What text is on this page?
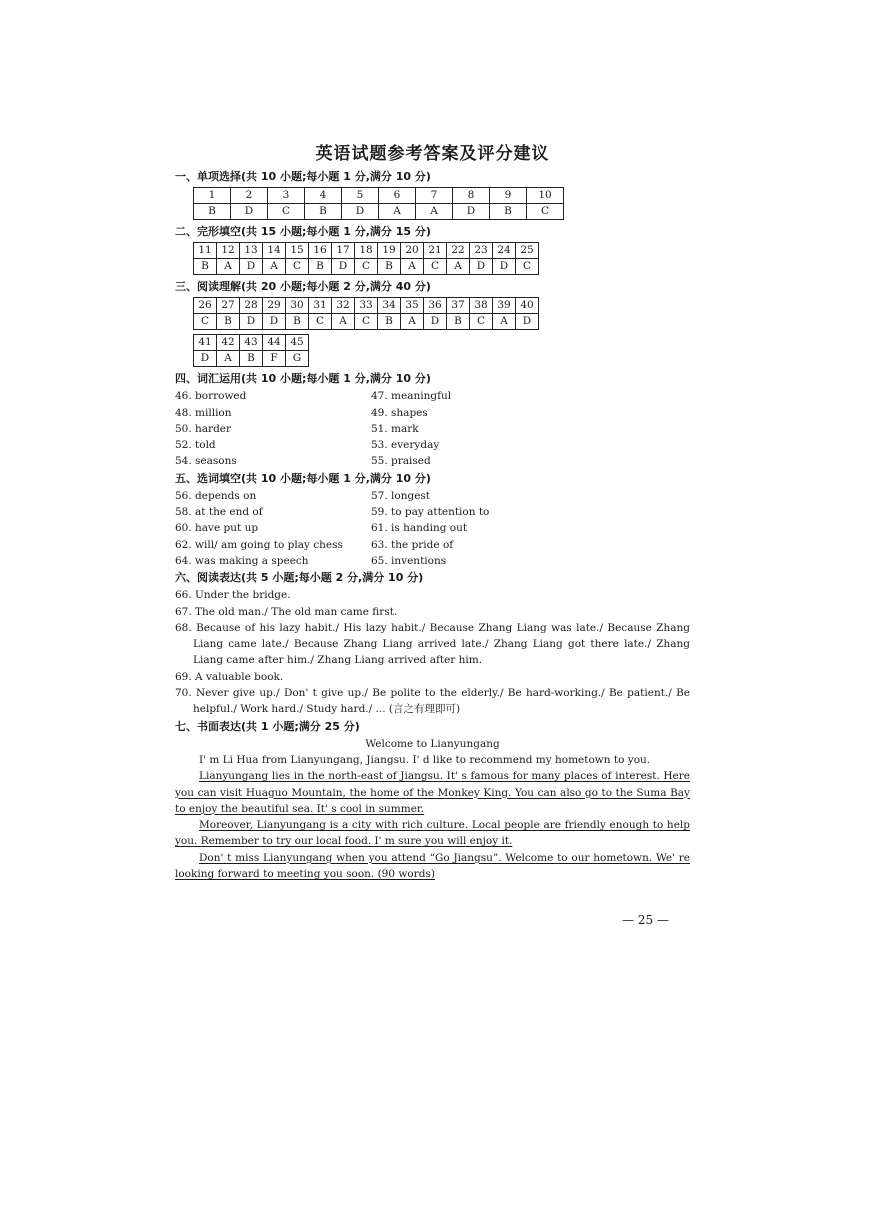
英语试题参考答案及评分建议
一、单项选择(共 10 小题;每小题 1 分,满分 10 分)
1	2	3	4	5	6	7	8	9	10
B	D	C	B	D	A	A	D	B	C
二、完形填空(共 15 小题;每小题 1 分,满分 15 分)
11	12	13	14	15	16	17	18	19	20	21	22	23	24	25
B	A	D	A	C	B	D	C	B	A	C	A	D	D	C
三、阅读理解(共 20 小题;每小题 2 分,满分 40 分)
26	27	28	29	30	31	32	33	34	35	36	37	38	39	40
C	B	D	D	B	C	A	C	B	A	D	B	C	A	D
41	42	43	44	45
D	A	B	F	G
四、词汇运用(共 10 小题;每小题 1 分,满分 10 分)
46. borrowed	47. meaningful
48. million	49. shapes
50. harder	51. mark
52. told	53. everyday
54. seasons	55. praised
五、选词填空(共 10 小题;每小题 1 分,满分 10 分)
56. depends on	57. longest
58. at the end of	59. to pay attention to
60. have put up	61. is handing out
62. will/ am going to play chess	63. the pride of
64. was making a speech	65. inventions
六、阅读表达(共 5 小题;每小题 2 分,满分 10 分)
66. Under the bridge.
67. The old man./ The old man came first.
68. Because of his lazy habit./ His lazy habit./ Because Zhang Liang was late./ Because Zhang Liang came late./ Because Zhang Liang arrived late./ Zhang Liang got there late./ Zhang Liang came after him./ Zhang Liang arrived after him.
69. A valuable book.
70. Never give up./ Don' t give up./ Be polite to the elderly./ Be hard-working./ Be patient./ Be helpful./ Work hard./ Study hard./ ... (言之有理即可)
七、书面表达(共 1 小题;满分 25 分)
Welcome to Lianyungang
I' m Li Hua from Lianyungang, Jiangsu. I' d like to recommend my hometown to you.
Lianyungang lies in the north-east of Jiangsu. It' s famous for many places of interest. Here you can visit Huaguo Mountain, the home of the Monkey King. You can also go to the Suma Bay to enjoy the beautiful sea. It' s cool in summer.
Moreover, Lianyungang is a city with rich culture. Local people are friendly enough to help you. Remember to try our local food. I' m sure you will enjoy it.
Don' t miss Lianyungang when you attend “Go Jiangsu”. Welcome to our hometown. We' re looking forward to meeting you soon. (90 words)
— 25 —
